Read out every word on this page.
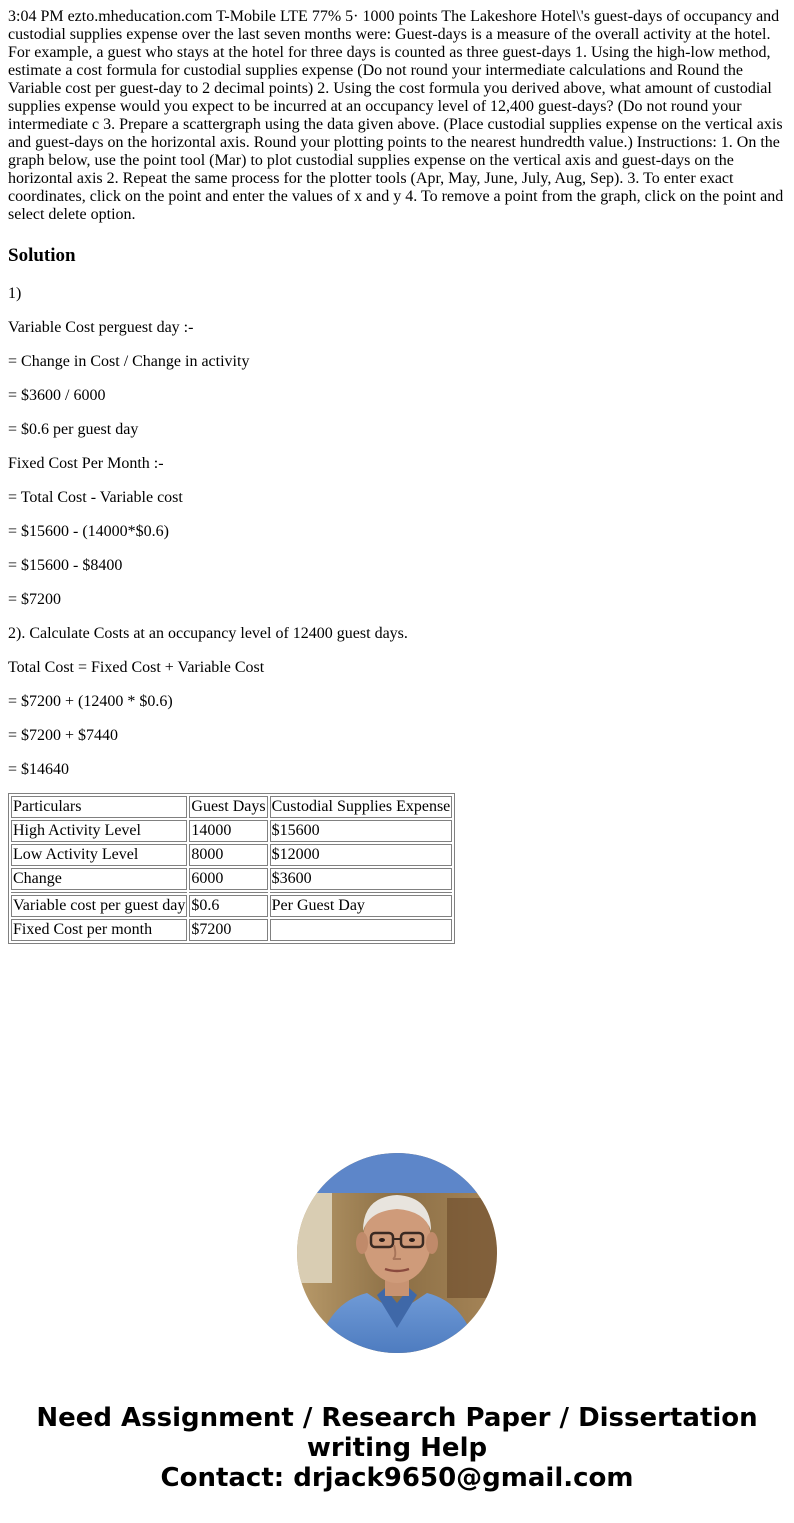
3:04 PM ezto.mheducation.com T-Mobile LTE 77% 5· 1000 points The Lakeshore Hotel\'s guest-days of occupancy and custodial supplies expense over the last seven months were: Guest-days is a measure of the overall activity at the hotel. For example, a guest who stays at the hotel for three days is counted as three guest-days 1. Using the high-low method, estimate a cost formula for custodial supplies expense (Do not round your intermediate calculations and Round the Variable cost per guest-day to 2 decimal points) 2. Using the cost formula you derived above, what amount of custodial supplies expense would you expect to be incurred at an occupancy level of 12,400 guest-days? (Do not round your intermediate c 3. Prepare a scattergraph using the data given above. (Place custodial supplies expense on the vertical axis and guest-days on the horizontal axis. Round your plotting points to the nearest hundredth value.) Instructions: 1. On the graph below, use the point tool (Mar) to plot custodial supplies expense on the vertical axis and guest-days on the horizontal axis 2. Repeat the same process for the plotter tools (Apr, May, June, July, Aug, Sep). 3. To enter exact coordinates, click on the point and enter the values of x and y 4. To remove a point from the graph, click on the point and select delete option.
Solution

1)

Variable Cost perguest day :-

= Change in Cost / Change in activity

= $3600 / 6000

= $0.6 per guest day

Fixed Cost Per Month :-

= Total Cost - Variable cost

= $15600 - (14000*$0.6)

= $15600 - $8400

= $7200

2). Calculate Costs at an occupancy level of 12400 guest days.

Total Cost = Fixed Cost + Variable Cost

= $7200 + (12400 * $0.6)

= $7200 + $7440

= $14640

Particulars	Guest Days	Custodial Supplies Expense
High Activity Level	14000	$15600
Low Activity Level	8000	$12000
Change	6000	$3600

Variable cost per guest day	$0.6	Per Guest Day
Fixed Cost per month	$7200	
Need Assignment / Research Paper / Dissertation
writing Help
Contact: drjack9650@gmail.com
